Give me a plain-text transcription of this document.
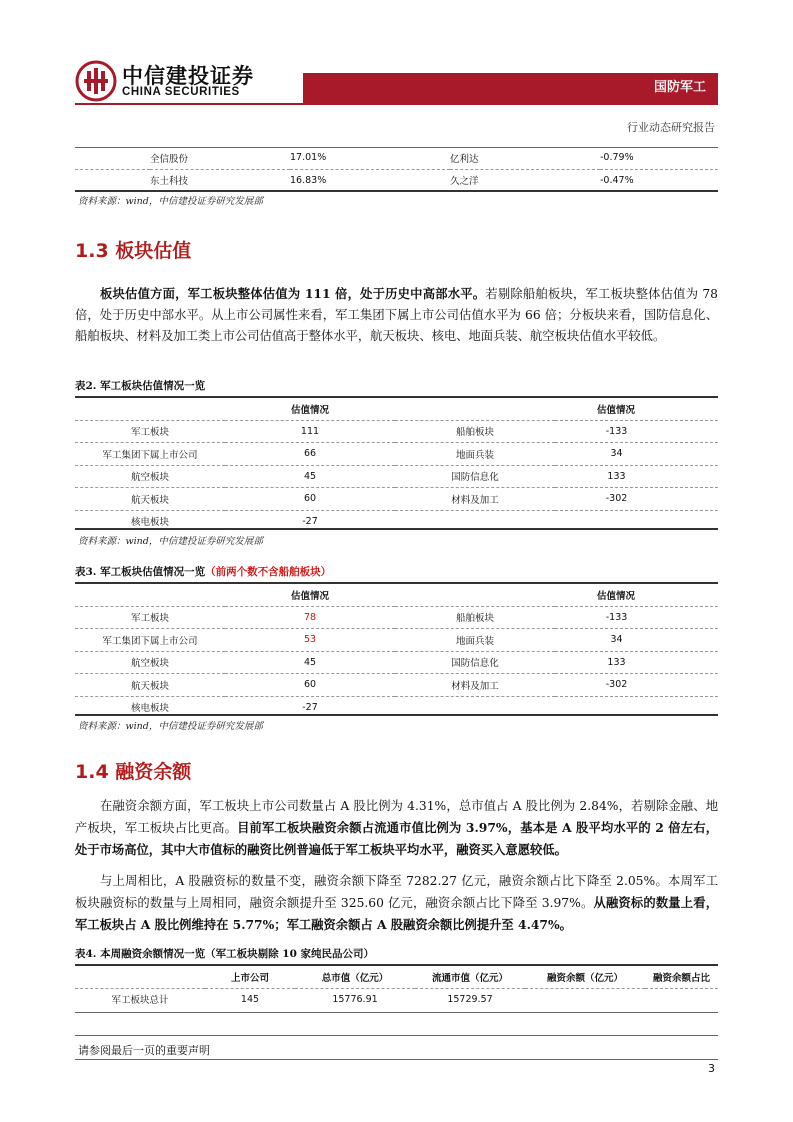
中信建投证券
CHINA SECURITIES	国防军工
行业动态研究报告
	全信股份	17.01%	亿利达	-0.79%
	东土科技	16.83%	久之洋	-0.47%
资料来源：wind，中信建投证券研究发展部
1.3 板块估值
板块估值方面，军工板块整体估值为 111 倍，处于历史中高部水平。若剔除船舶板块，军工板块整体估值为 78 倍，处于历史中部水平。从上市公司属性来看，军工集团下属上市公司估值水平为 66 倍；分板块来看，国防信息化、船舶板块、材料及加工类上市公司估值高于整体水平，航天板块、核电、地面兵装、航空板块估值水平较低。
表2. 军工板块估值情况一览
	估值情况		估值情况
军工板块	111	船舶板块	-133
军工集团下属上市公司	66	地面兵装	34
航空板块	45	国防信息化	133
航天板块	60	材料及加工	-302
核电板块	-27		
资料来源：wind，中信建投证券研究发展部
表3. 军工板块估值情况一览（前两个数不含船舶板块）
	估值情况		估值情况
军工板块	78	船舶板块	-133
军工集团下属上市公司	53	地面兵装	34
航空板块	45	国防信息化	133
航天板块	60	材料及加工	-302
核电板块	-27		
资料来源：wind，中信建投证券研究发展部
1.4 融资余额
在融资余额方面，军工板块上市公司数量占 A 股比例为 4.31%，总市值占 A 股比例为 2.84%，若剔除金融、地产板块，军工板块占比更高。目前军工板块融资余额占流通市值比例为 3.97%，基本是 A 股平均水平的 2 倍左右，处于市场高位，其中大市值标的融资比例普遍低于军工板块平均水平，融资买入意愿较低。
与上周相比，A 股融资标的数量不变，融资余额下降至 7282.27 亿元，融资余额占比下降至 2.05%。本周军工板块融资标的数量与上周相同，融资余额提升至 325.60 亿元，融资余额占比下降至 3.97%。从融资标的数量上看，军工板块占 A 股比例维持在 5.77%；军工融资余额占 A 股融资余额比例提升至 4.47%。
表4. 本周融资余额情况一览（军工板块剔除 10 家纯民品公司）
	上市公司	总市值（亿元）	流通市值（亿元）	融资余额（亿元）	融资余额占比
军工板块总计	145	15776.91	15729.57		
请参阅最后一页的重要声明
3
